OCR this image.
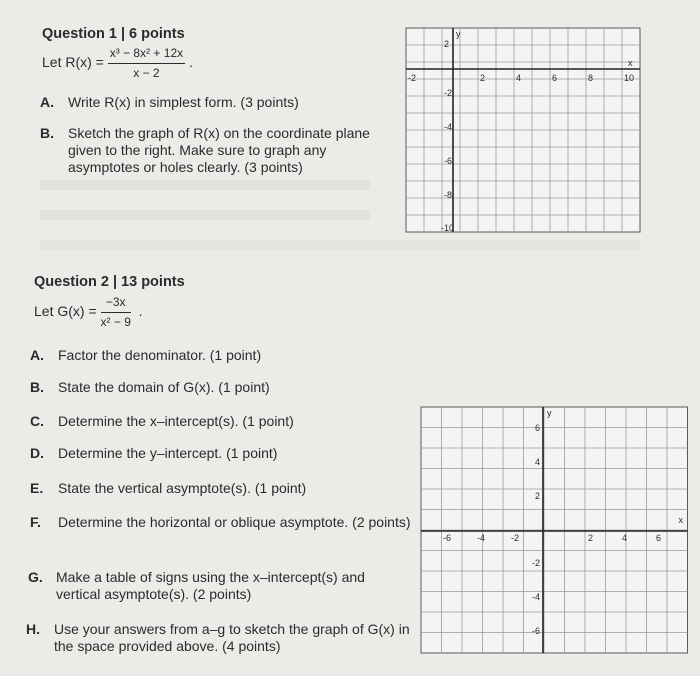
Question 1 | 6 points
Let $R(x) = \frac{\text{x³ − 8x² + 12x}}{x - 2}$ .
A. Write R(x) in simplest form. (3 points)
B.	Sketch the graph of R(x) on the coordinate plane given to the right. Make sure to graph any asymptotes or holes clearly. (3 points)
x
y
-2	2	4	6	8	10
2
-2
-4
-6
-8
-10
Question 2 | 13 points
Let $G(x) = \frac{-3x}{\text{x² − 9}}$ .
A. Factor the denominator. (1 point)
B. State the domain of G(x). (1 point)
C. Determine the x–intercept(s). (1 point)
D. Determine the y–intercept. (1 point)
E. State the vertical asymptote(s). (1 point)
F.	Determine the horizontal or oblique asymptote. (2 points)
G. Make a table of signs using the x–intercept(s) and vertical asymptote(s). (2 points)
H.	Use your answers from a–g to sketch the graph of G(x) in the space provided above. (4 points)
x
y
-6	-4	-2	2	4	6
6
4
2
-2
-4
-6
